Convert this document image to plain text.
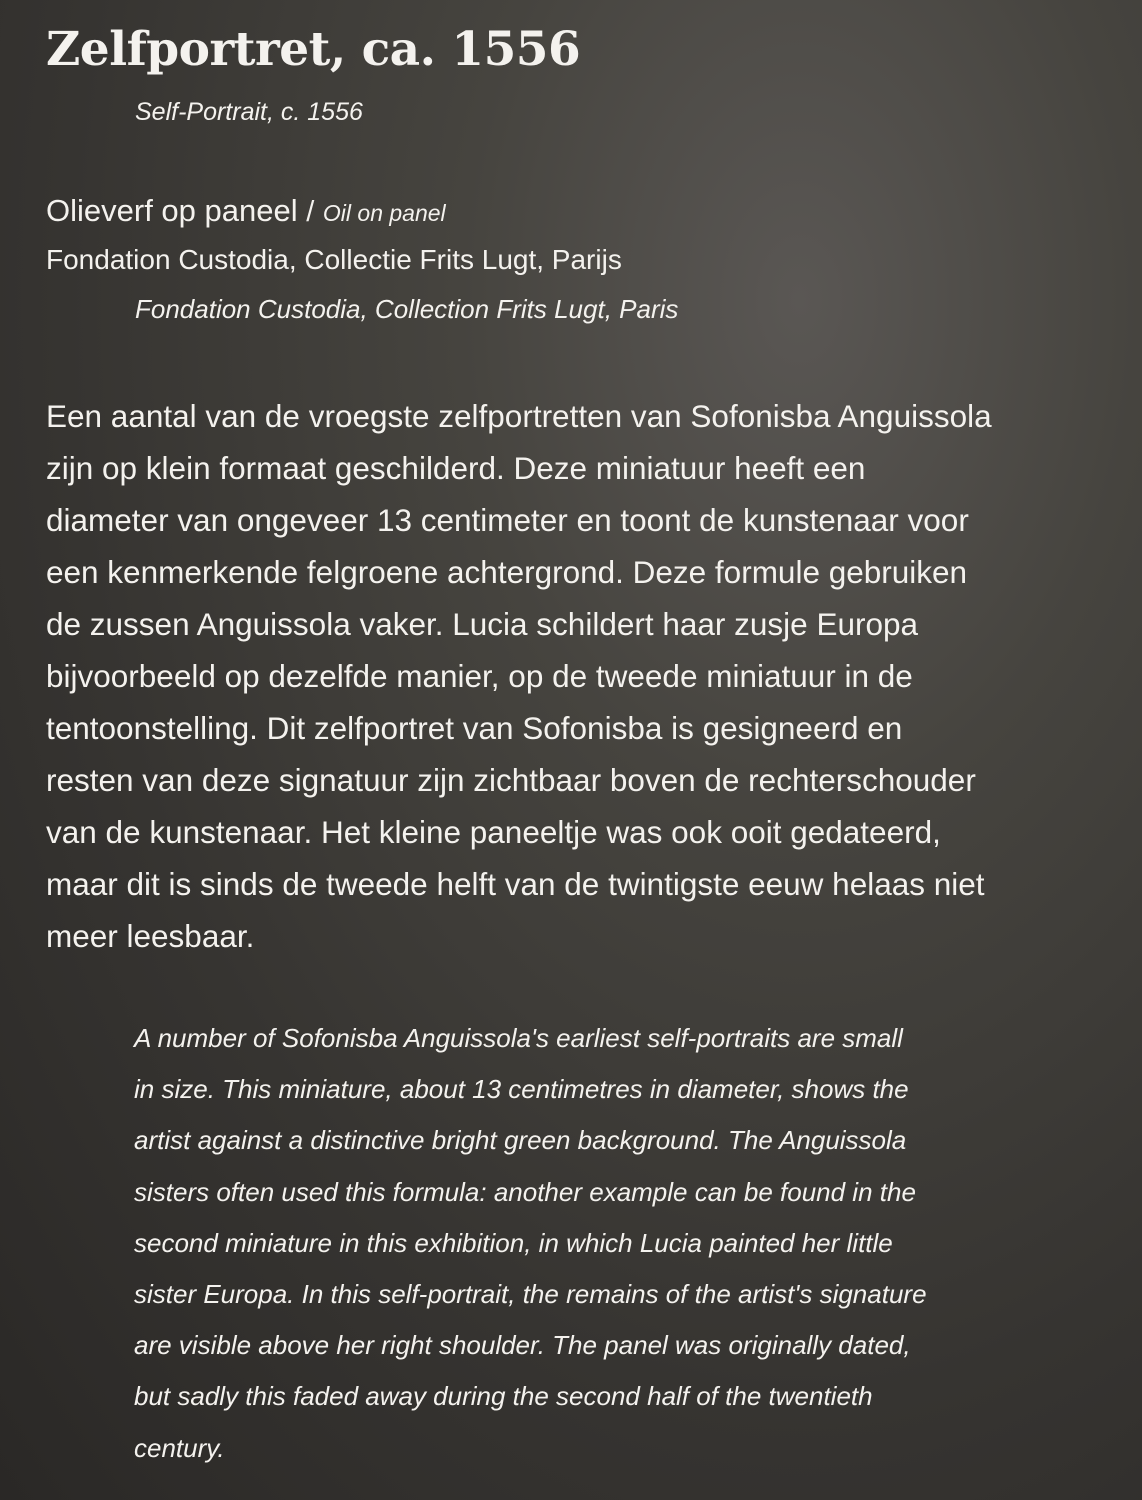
Zelfportret, ca. 1556

Self-Portrait, c. 1556

Olieverf op paneel / Oil on panel

Fondation Custodia, Collectie Frits Lugt, Parijs

Fondation Custodia, Collection Frits Lugt, Paris

Een aantal van de vroegste zelfportretten van Sofonisba Anguissola
zijn op klein formaat geschilderd. Deze miniatuur heeft een
diameter van ongeveer 13 centimeter en toont de kunstenaar voor
een kenmerkende felgroene achtergrond. Deze formule gebruiken
de zussen Anguissola vaker. Lucia schildert haar zusje Europa
bijvoorbeeld op dezelfde manier, op de tweede miniatuur in de
tentoonstelling. Dit zelfportret van Sofonisba is gesigneerd en
resten van deze signatuur zijn zichtbaar boven de rechterschouder
van de kunstenaar. Het kleine paneeltje was ook ooit gedateerd,
maar dit is sinds de tweede helft van de twintigste eeuw helaas niet
meer leesbaar.
A number of Sofonisba Anguissola's earliest self-portraits are small
in size. This miniature, about 13 centimetres in diameter, shows the
artist against a distinctive bright green background. The Anguissola
sisters often used this formula: another example can be found in the
second miniature in this exhibition, in which Lucia painted her little
sister Europa. In this self-portrait, the remains of the artist's signature
are visible above her right shoulder. The panel was originally dated,
but sadly this faded away during the second half of the twentieth
century.
